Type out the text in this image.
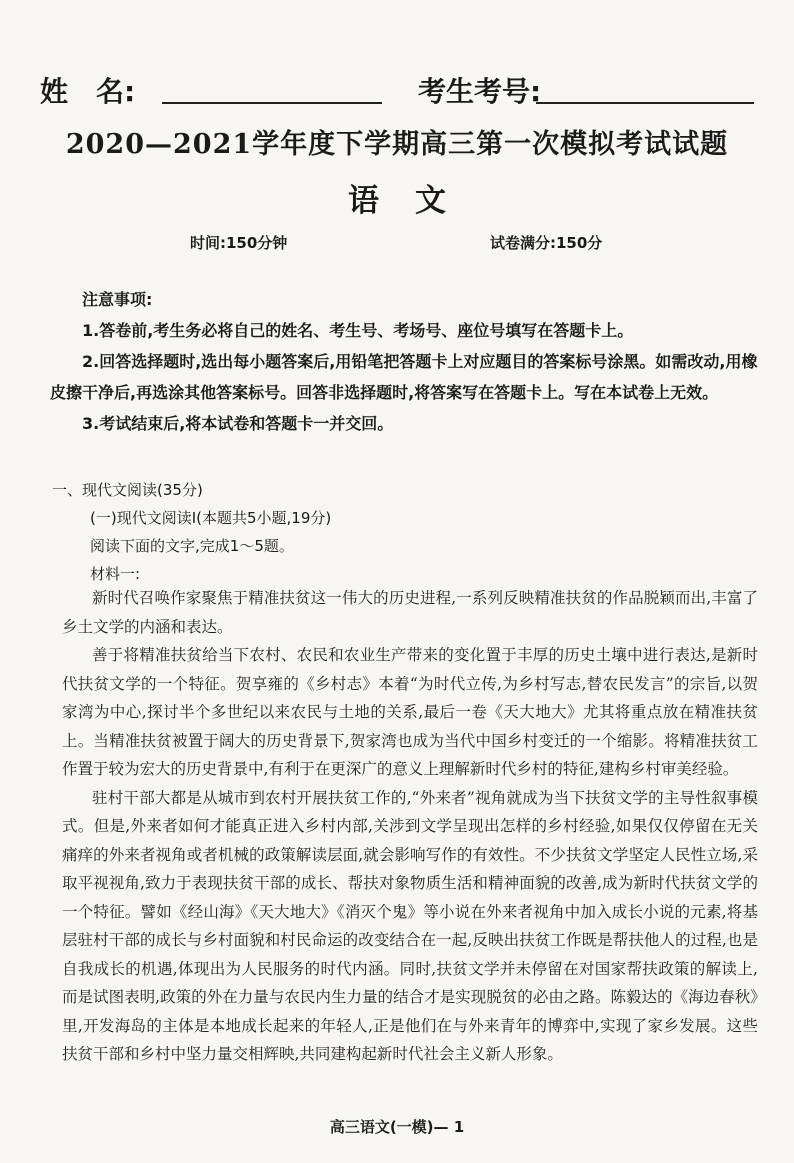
姓　名:	考生考号:
2020—2021学年度下学期高三第一次模拟考试试题
语文
时间:150分钟	试卷满分:150分

注意事项:

1.答卷前,考生务必将自己的姓名、考生号、考场号、座位号填写在答题卡上。

2.回答选择题时,选出每小题答案后,用铅笔把答题卡上对应题目的答案标号涂黑。如需改动,用橡皮擦干净后,再选涂其他答案标号。回答非选择题时,将答案写在答题卡上。写在本试卷上无效。

3.考试结束后,将本试卷和答题卡一并交回。

一、现代文阅读(35分)

(一)现代文阅读Ⅰ(本题共5小题,19分)

阅读下面的文字,完成1～5题。

材料一:

新时代召唤作家聚焦于精准扶贫这一伟大的历史进程,一系列反映精准扶贫的作品脱颖而出,丰富了乡土文学的内涵和表达。

善于将精准扶贫给当下农村、农民和农业生产带来的变化置于丰厚的历史土壤中进行表达,是新时代扶贫文学的一个特征。贺享雍的《乡村志》本着“为时代立传,为乡村写志,替农民发言”的宗旨,以贺家湾为中心,探讨半个多世纪以来农民与土地的关系,最后一卷《天大地大》尤其将重点放在精准扶贫上。当精准扶贫被置于阔大的历史背景下,贺家湾也成为当代中国乡村变迁的一个缩影。将精准扶贫工作置于较为宏大的历史背景中,有利于在更深广的意义上理解新时代乡村的特征,建构乡村审美经验。

驻村干部大都是从城市到农村开展扶贫工作的,“外来者”视角就成为当下扶贫文学的主导性叙事模式。但是,外来者如何才能真正进入乡村内部,关涉到文学呈现出怎样的乡村经验,如果仅仅停留在无关痛痒的外来者视角或者机械的政策解读层面,就会影响写作的有效性。不少扶贫文学坚定人民性立场,采取平视视角,致力于表现扶贫干部的成长、帮扶对象物质生活和精神面貌的改善,成为新时代扶贫文学的一个特征。譬如《经山海》《天大地大》《消灭个鬼》等小说在外来者视角中加入成长小说的元素,将基层驻村干部的成长与乡村面貌和村民命运的改变结合在一起,反映出扶贫工作既是帮扶他人的过程,也是自我成长的机遇,体现出为人民服务的时代内涵。同时,扶贫文学并未停留在对国家帮扶政策的解读上,而是试图表明,政策的外在力量与农民内生力量的结合才是实现脱贫的必由之路。陈毅达的《海边春秋》里,开发海岛的主体是本地成长起来的年轻人,正是他们在与外来青年的博弈中,实现了家乡发展。这些扶贫干部和乡村中坚力量交相辉映,共同建构起新时代社会主义新人形象。

高三语文(一模)— 1
